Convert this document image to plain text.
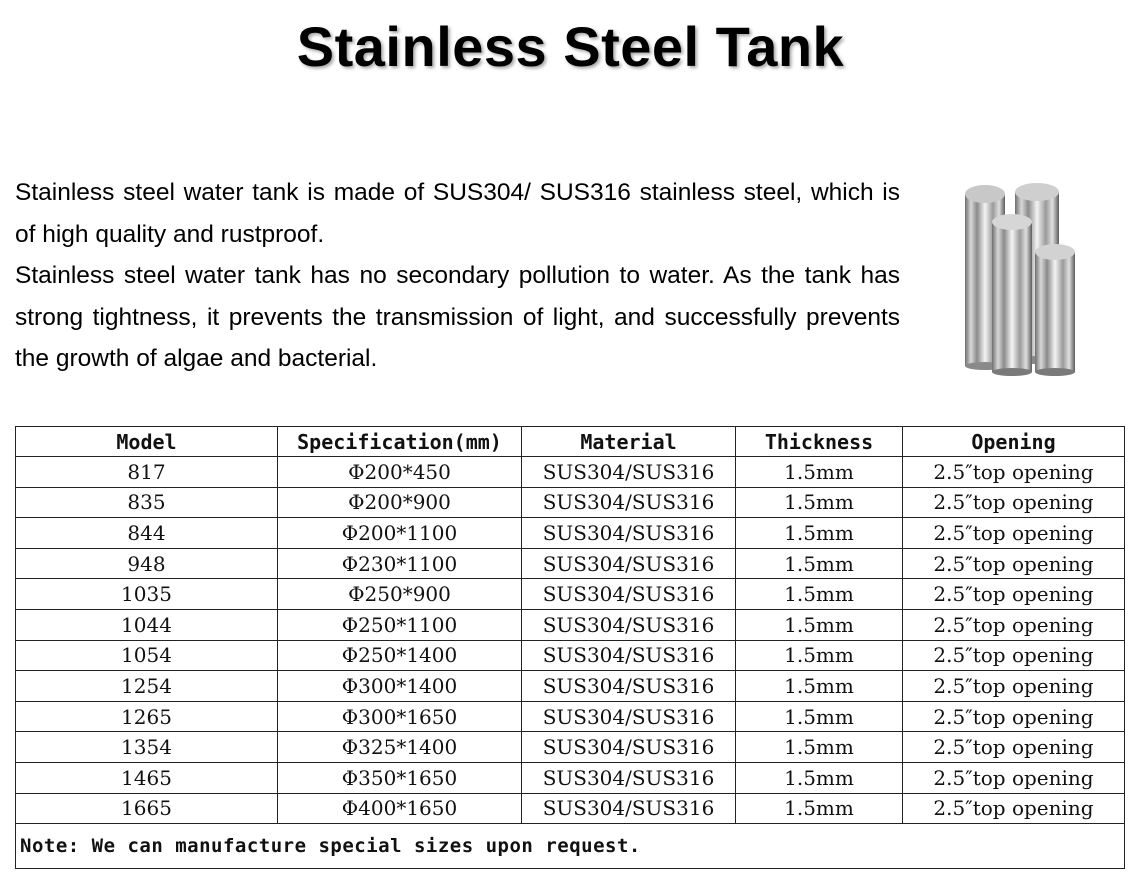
Stainless Steel Tank

Stainless steel water tank is made of SUS304/ SUS316 stainless steel, which is of high quality and rustproof.

Stainless steel water tank has no secondary pollution to water. As the tank has strong tightness, it prevents the transmission of light, and successfully prevents the growth of algae and bacterial.

Model	Specification(mm)	Material	Thickness	Opening
817	Φ200*450	SUS304/SUS316	1.5mm	2.5″top opening
835	Φ200*900	SUS304/SUS316	1.5mm	2.5″top opening
844	Φ200*1100	SUS304/SUS316	1.5mm	2.5″top opening
948	Φ230*1100	SUS304/SUS316	1.5mm	2.5″top opening
1035	Φ250*900	SUS304/SUS316	1.5mm	2.5″top opening
1044	Φ250*1100	SUS304/SUS316	1.5mm	2.5″top opening
1054	Φ250*1400	SUS304/SUS316	1.5mm	2.5″top opening
1254	Φ300*1400	SUS304/SUS316	1.5mm	2.5″top opening
1265	Φ300*1650	SUS304/SUS316	1.5mm	2.5″top opening
1354	Φ325*1400	SUS304/SUS316	1.5mm	2.5″top opening
1465	Φ350*1650	SUS304/SUS316	1.5mm	2.5″top opening
1665	Φ400*1650	SUS304/SUS316	1.5mm	2.5″top opening
Note: We can manufacture special sizes upon request.				
